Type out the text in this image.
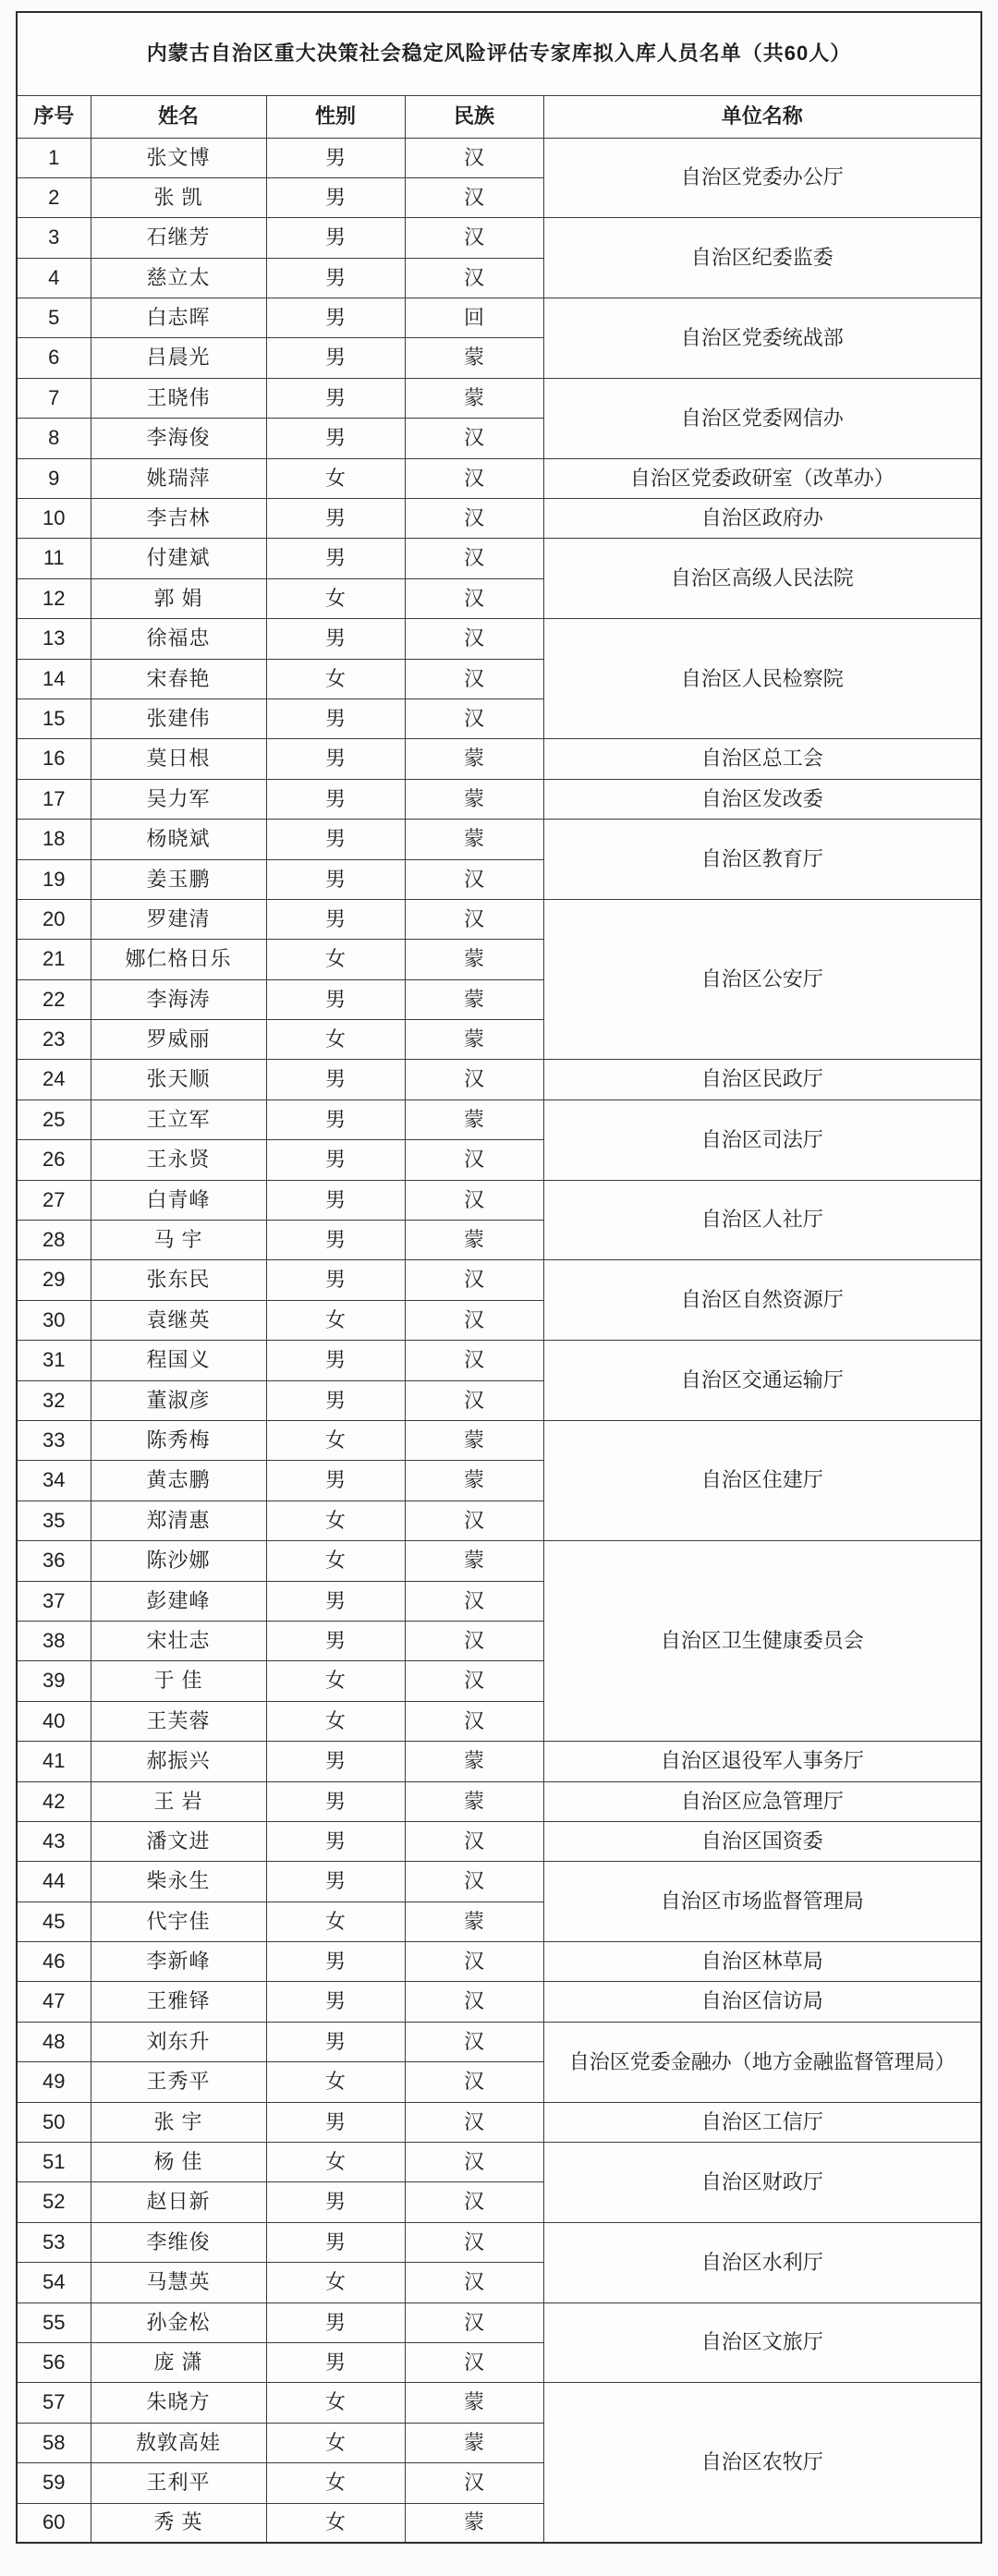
内蒙古自治区重大决策社会稳定风险评估专家库拟入库人员名单（共60人）				
序号	姓名	性别	民族	单位名称
1	张文博	男	汉	自治区党委办公厅
2	张 凯	男	汉	
3	石继芳	男	汉	自治区纪委监委
4	慈立太	男	汉	
5	白志晖	男	回	自治区党委统战部
6	吕晨光	男	蒙	
7	王晓伟	男	蒙	自治区党委网信办
8	李海俊	男	汉	
9	姚瑞萍	女	汉	自治区党委政研室（改革办）
10	李吉林	男	汉	自治区政府办
11	付建斌	男	汉	自治区高级人民法院
12	郭 娟	女	汉	
13	徐福忠	男	汉	自治区人民检察院
14	宋春艳	女	汉	
15	张建伟	男	汉	
16	莫日根	男	蒙	自治区总工会
17	吴力军	男	蒙	自治区发改委
18	杨晓斌	男	蒙	自治区教育厅
19	姜玉鹏	男	汉	
20	罗建清	男	汉	自治区公安厅
21	娜仁格日乐	女	蒙	
22	李海涛	男	蒙	
23	罗威丽	女	蒙	
24	张天顺	男	汉	自治区民政厅
25	王立军	男	蒙	自治区司法厅
26	王永贤	男	汉	
27	白青峰	男	汉	自治区人社厅
28	马 宇	男	蒙	
29	张东民	男	汉	自治区自然资源厅
30	袁继英	女	汉	
31	程国义	男	汉	自治区交通运输厅
32	董淑彦	男	汉	
33	陈秀梅	女	蒙	自治区住建厅
34	黄志鹏	男	蒙	
35	郑清惠	女	汉	
36	陈沙娜	女	蒙	自治区卫生健康委员会
37	彭建峰	男	汉	
38	宋壮志	男	汉	
39	于 佳	女	汉	
40	王芙蓉	女	汉	
41	郝振兴	男	蒙	自治区退役军人事务厅
42	王 岩	男	蒙	自治区应急管理厅
43	潘文进	男	汉	自治区国资委
44	柴永生	男	汉	自治区市场监督管理局
45	代宇佳	女	蒙	
46	李新峰	男	汉	自治区林草局
47	王雅铎	男	汉	自治区信访局
48	刘东升	男	汉	自治区党委金融办（地方金融监督管理局）
49	王秀平	女	汉	
50	张 宇	男	汉	自治区工信厅
51	杨 佳	女	汉	自治区财政厅
52	赵日新	男	汉	
53	李维俊	男	汉	自治区水利厅
54	马慧英	女	汉	
55	孙金松	男	汉	自治区文旅厅
56	庞 潇	男	汉	
57	朱晓方	女	蒙	自治区农牧厅
58	敖敦高娃	女	蒙	
59	王利平	女	汉	
60	秀 英	女	蒙	
